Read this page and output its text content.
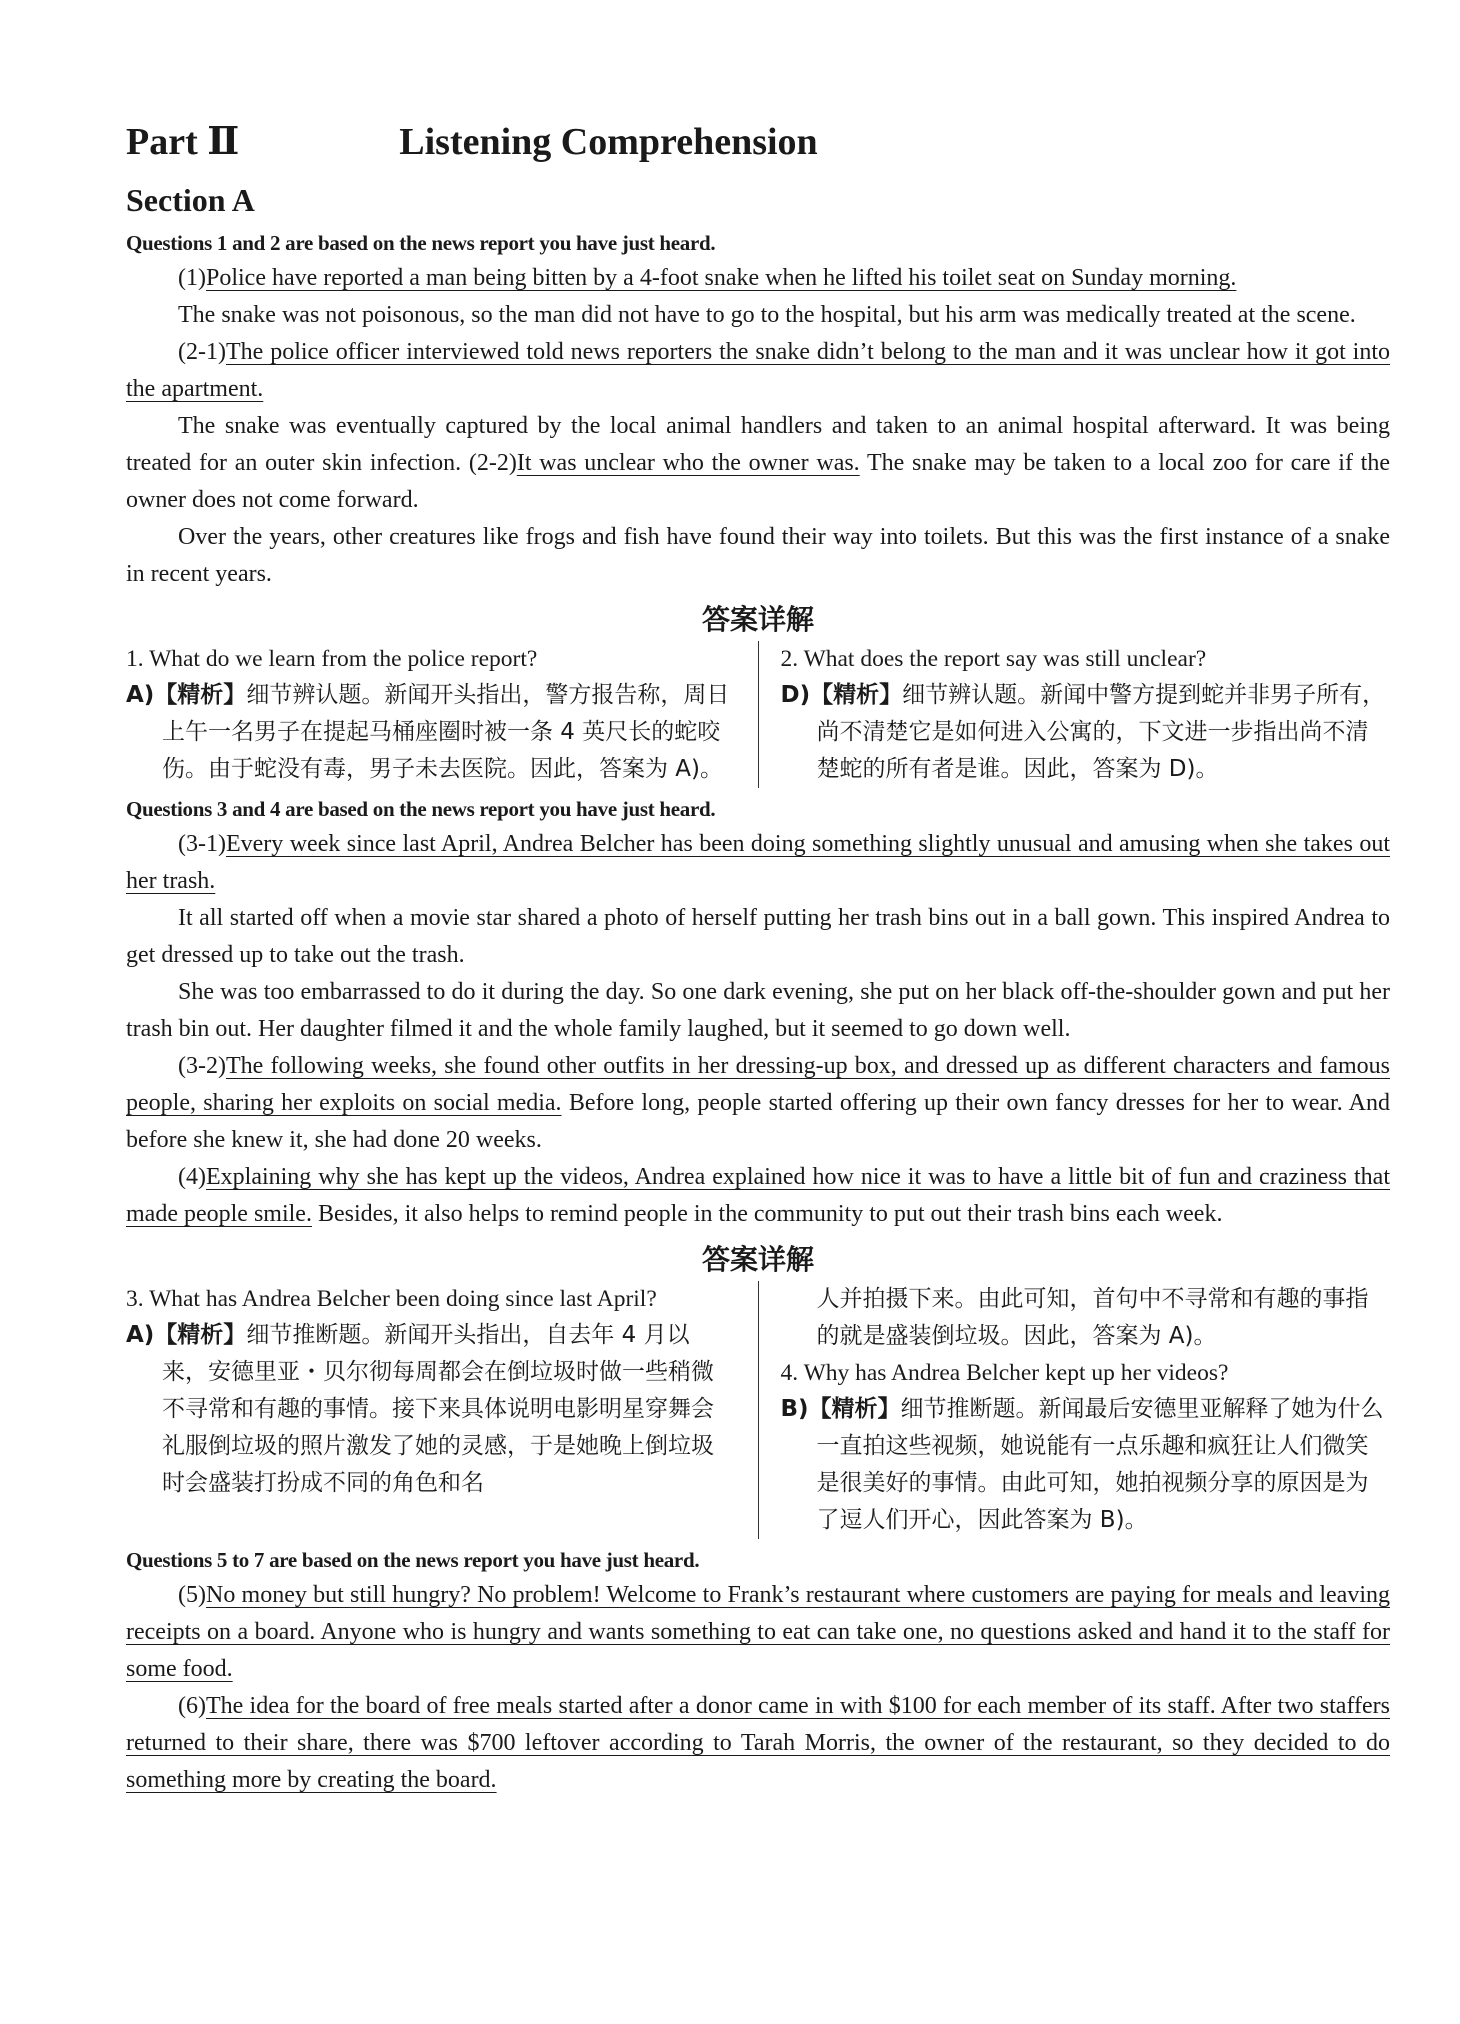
Part Ⅱ	Listening Comprehension
Section A

Questions 1 and 2 are based on the news report you have just heard.

(1)Police have reported a man being bitten by a 4-foot snake when he lifted his toilet seat on Sunday morning.

The snake was not poisonous, so the man did not have to go to the hospital, but his arm was medically treated at the scene.

(2-1)The police officer interviewed told news reporters the snake didn’t belong to the man and it was unclear how it got into the apartment.

The snake was eventually captured by the local animal handlers and taken to an animal hospital afterward. It was being treated for an outer skin infection. (2-2)It was unclear who the owner was. The snake may be taken to a local zoo for care if the owner does not come forward.

Over the years, other creatures like frogs and fish have found their way into toilets. But this was the first instance of a snake in recent years.

答案详解

1. What do we learn from the police report?

A)【精析】细节辨认题。新闻开头指出，警方报告称，周日上午一名男子在提起马桶座圈时被一条 4 英尺长的蛇咬伤。由于蛇没有毒，男子未去医院。因此，答案为 A)。

2. What does the report say was still unclear?

D)【精析】细节辨认题。新闻中警方提到蛇并非男子所有，尚不清楚它是如何进入公寓的，下文进一步指出尚不清楚蛇的所有者是谁。因此，答案为 D)。

Questions 3 and 4 are based on the news report you have just heard.

(3-1)Every week since last April, Andrea Belcher has been doing something slightly unusual and amusing when she takes out her trash.

It all started off when a movie star shared a photo of herself putting her trash bins out in a ball gown. This inspired Andrea to get dressed up to take out the trash.

She was too embarrassed to do it during the day. So one dark evening, she put on her black off-the-shoulder gown and put her trash bin out. Her daughter filmed it and the whole family laughed, but it seemed to go down well.

(3-2)The following weeks, she found other outfits in her dressing-up box, and dressed up as different characters and famous people, sharing her exploits on social media. Before long, people started offering up their own fancy dresses for her to wear. And before she knew it, she had done 20 weeks.

(4)Explaining why she has kept up the videos, Andrea explained how nice it was to have a little bit of fun and craziness that made people smile. Besides, it also helps to remind people in the community to put out their trash bins each week.

答案详解

3. What has Andrea Belcher been doing since last April?

A)【精析】细节推断题。新闻开头指出，自去年 4 月以来，安德里亚・贝尔彻每周都会在倒垃圾时做一些稍微不寻常和有趣的事情。接下来具体说明电影明星穿舞会礼服倒垃圾的照片激发了她的灵感，于是她晚上倒垃圾时会盛装打扮成不同的角色和名

人并拍摄下来。由此可知，首句中不寻常和有趣的事指的就是盛装倒垃圾。因此，答案为 A)。

4. Why has Andrea Belcher kept up her videos?

B)【精析】细节推断题。新闻最后安德里亚解释了她为什么一直拍这些视频，她说能有一点乐趣和疯狂让人们微笑是很美好的事情。由此可知，她拍视频分享的原因是为了逗人们开心，因此答案为 B)。

Questions 5 to 7 are based on the news report you have just heard.

(5)No money but still hungry? No problem! Welcome to Frank’s restaurant where customers are paying for meals and leaving receipts on a board. Anyone who is hungry and wants something to eat can take one, no questions asked and hand it to the staff for some food.

(6)The idea for the board of free meals started after a donor came in with $100 for each member of its staff. After two staffers returned to their share, there was $700 leftover according to Tarah Morris, the owner of the restaurant, so they decided to do something more by creating the board.
